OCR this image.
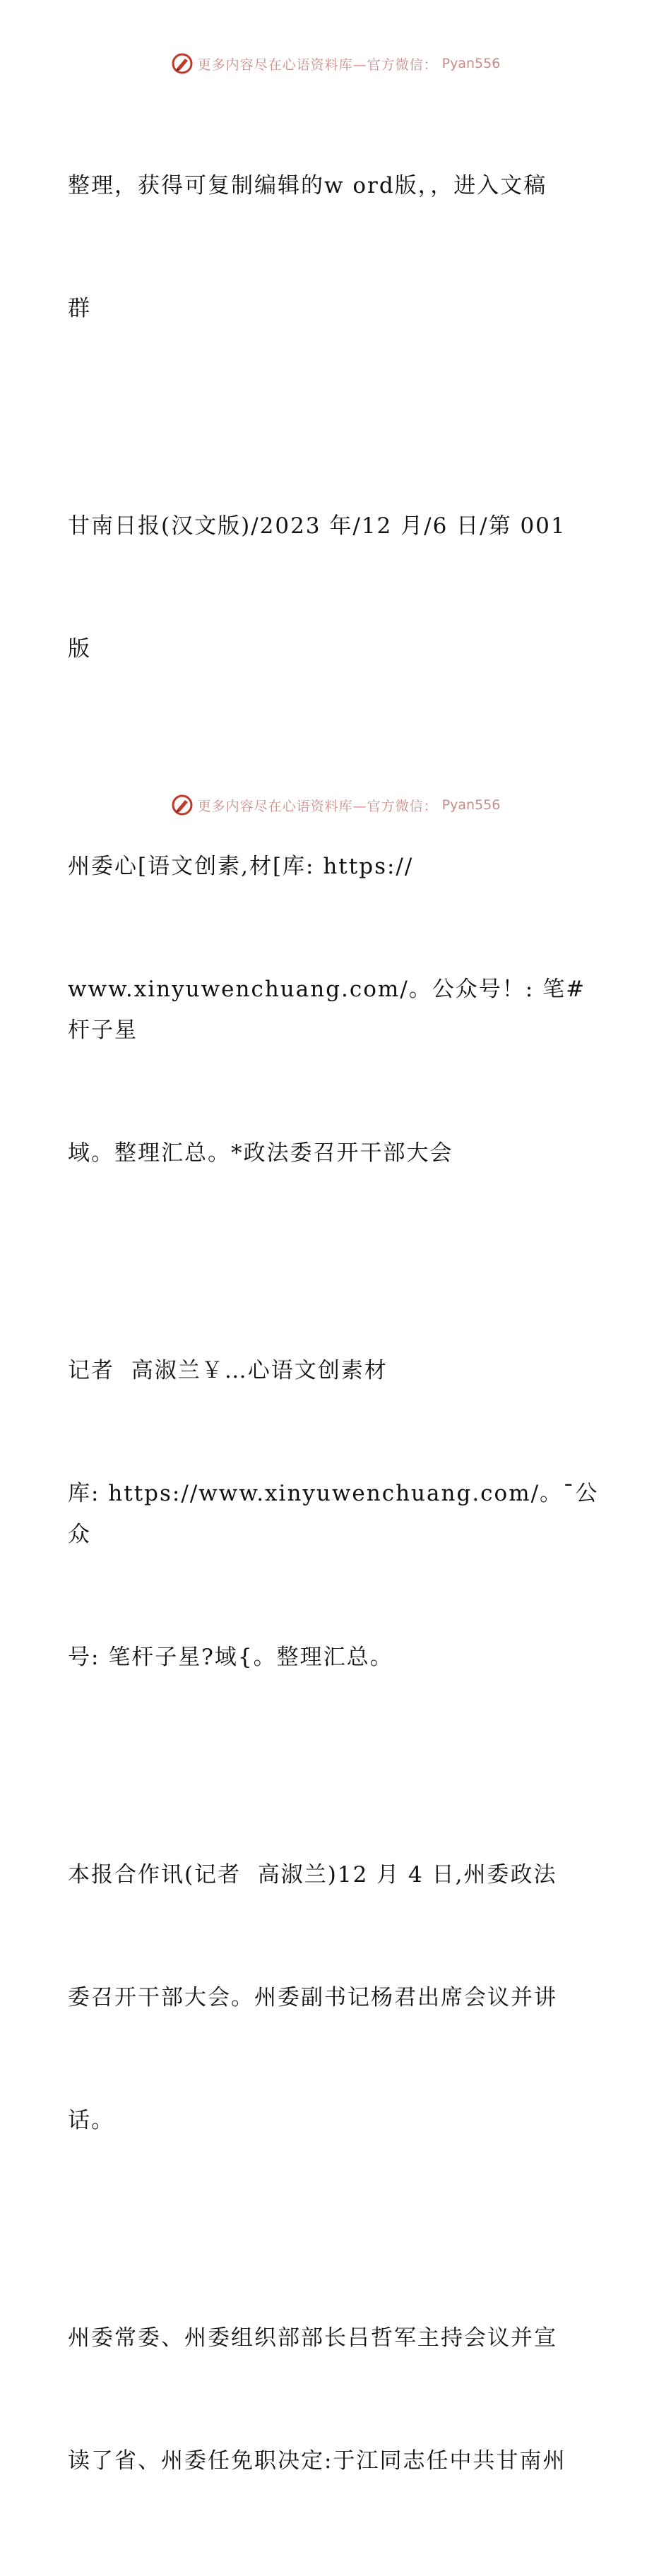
更多内容尽在心语资料库—官方微信： Pyan556

整理，获得可复制编辑的w ord版，，进入文稿

群

甘南日报(汉文版)/2023 年/12 月/6 日/第 001

版

州委心[语文创素,材[库: https://

www.xinyuwenchuang.com/。公众号！: 笔#杆子星

域。整理汇总。*政法委召开干部大会

记者  高淑兰￥…心语文创素材

库: https://www.xinyuwenchuang.com/。¯公众

号: 笔杆子星?域{。整理汇总。

本报合作讯(记者  高淑兰)12 月 4 日,州委政法

委召开干部大会。州委副书记杨君出席会议并讲

话。

州委常委、州委组织部部长吕哲军主持会议并宣

读了省、州委任免职决定:于江同志任中共甘南州

更多内容尽在心语资料库—官方微信： Pyan556
